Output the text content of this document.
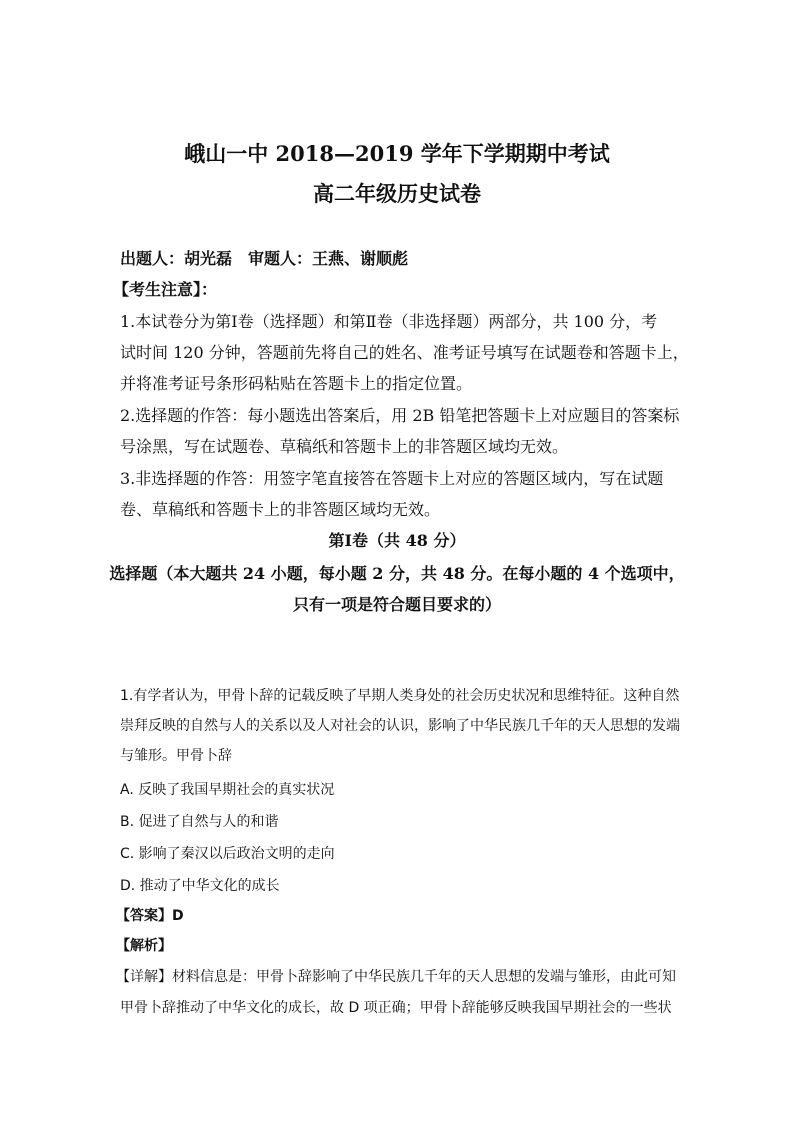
峨山一中 2018—2019 学年下学期期中考试
高二年级历史试卷
出题人：胡光磊　审题人：王燕、谢顺彪
【考生注意】：
1.本试卷分为第Ⅰ卷（选择题）和第Ⅱ卷（非选择题）两部分，共 100 分，考
试时间 120 分钟，答题前先将自己的姓名、准考证号填写在试题卷和答题卡上，
并将准考证号条形码粘贴在答题卡上的指定位置。
2.选择题的作答：每小题选出答案后，用 2B 铅笔把答题卡上对应题目的答案标
号涂黑，写在试题卷、草稿纸和答题卡上的非答题区域均无效。
3.非选择题的作答：用签字笔直接答在答题卡上对应的答题区域内，写在试题
卷、草稿纸和答题卡上的非答题区域均无效。
第Ⅰ卷（共 48 分）
选择题（本大题共 24 小题，每小题 2 分，共 48 分。在每小题的 4 个选项中，
只有一项是符合题目要求的）
1.有学者认为，甲骨卜辞的记载反映了早期人类身处的社会历史状况和思维特征。这种自然
崇拜反映的自然与人的关系以及人对社会的认识，影响了中华民族几千年的天人思想的发端
与雏形。甲骨卜辞
A. 反映了我国早期社会的真实状况
B. 促进了自然与人的和谐
C. 影响了秦汉以后政治文明的走向
D. 推动了中华文化的成长
【答案】D
【解析】
【详解】材料信息是：甲骨卜辞影响了中华民族几千年的天人思想的发端与雏形，由此可知
甲骨卜辞推动了中华文化的成长，故 D 项正确；甲骨卜辞能够反映我国早期社会的一些状
